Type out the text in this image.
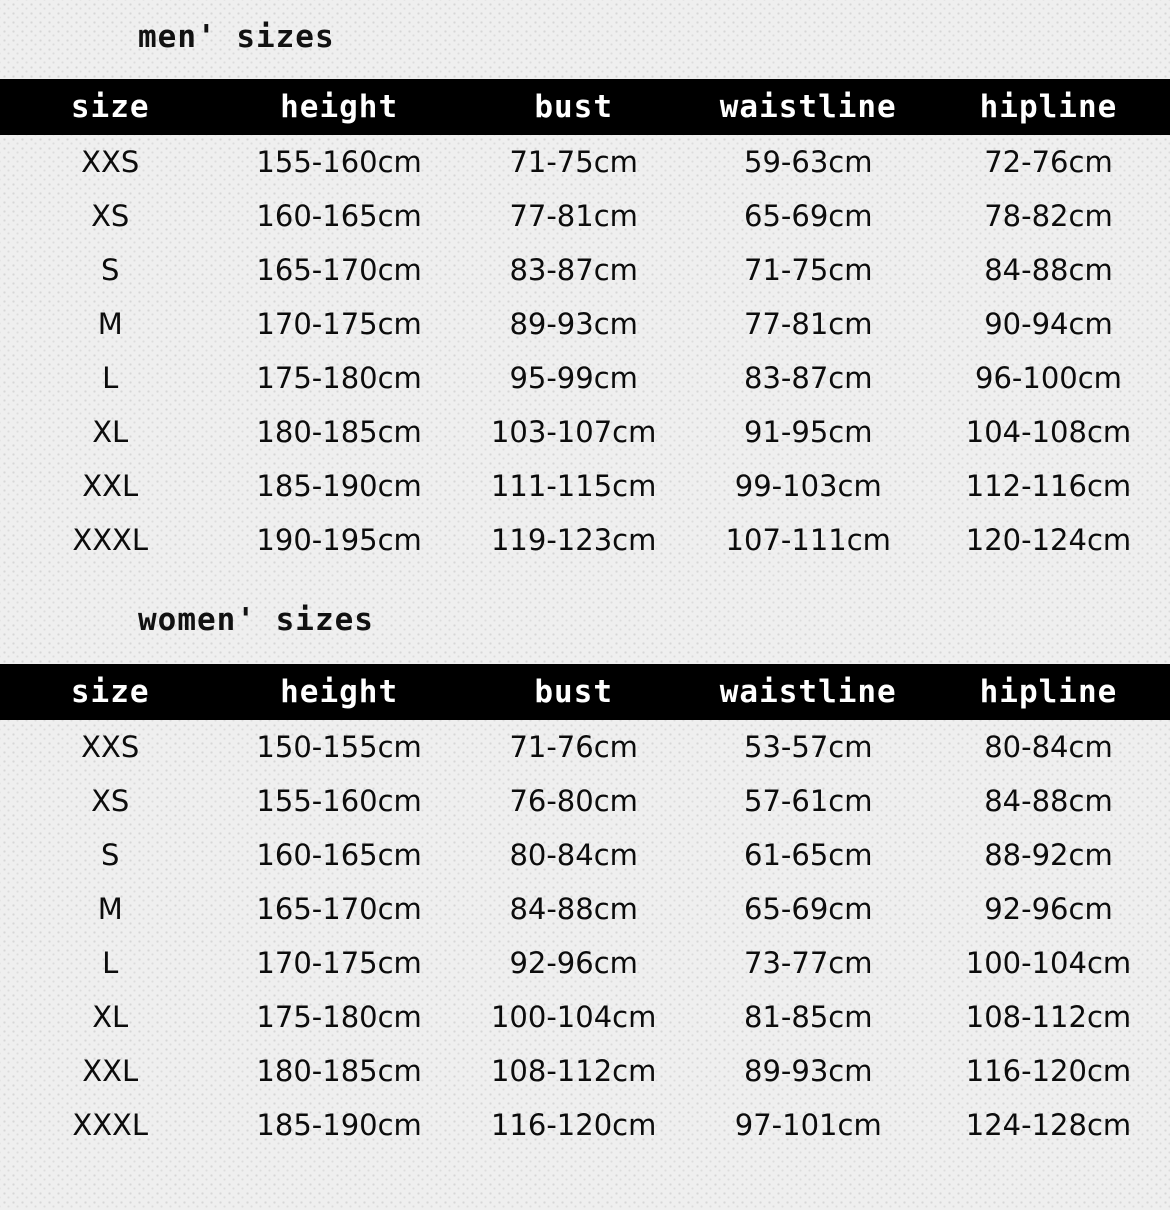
men' sizes
size	height	bust	waistline	hipline
XXS	155-160cm	71-75cm	59-63cm	72-76cm
XS	160-165cm	77-81cm	65-69cm	78-82cm
S	165-170cm	83-87cm	71-75cm	84-88cm
M	170-175cm	89-93cm	77-81cm	90-94cm
L	175-180cm	95-99cm	83-87cm	96-100cm
XL	180-185cm	103-107cm	91-95cm	104-108cm
XXL	185-190cm	111-115cm	99-103cm	112-116cm
XXXL	190-195cm	119-123cm	107-111cm	120-124cm
women' sizes
size	height	bust	waistline	hipline
XXS	150-155cm	71-76cm	53-57cm	80-84cm
XS	155-160cm	76-80cm	57-61cm	84-88cm
S	160-165cm	80-84cm	61-65cm	88-92cm
M	165-170cm	84-88cm	65-69cm	92-96cm
L	170-175cm	92-96cm	73-77cm	100-104cm
XL	175-180cm	100-104cm	81-85cm	108-112cm
XXL	180-185cm	108-112cm	89-93cm	116-120cm
XXXL	185-190cm	116-120cm	97-101cm	124-128cm
